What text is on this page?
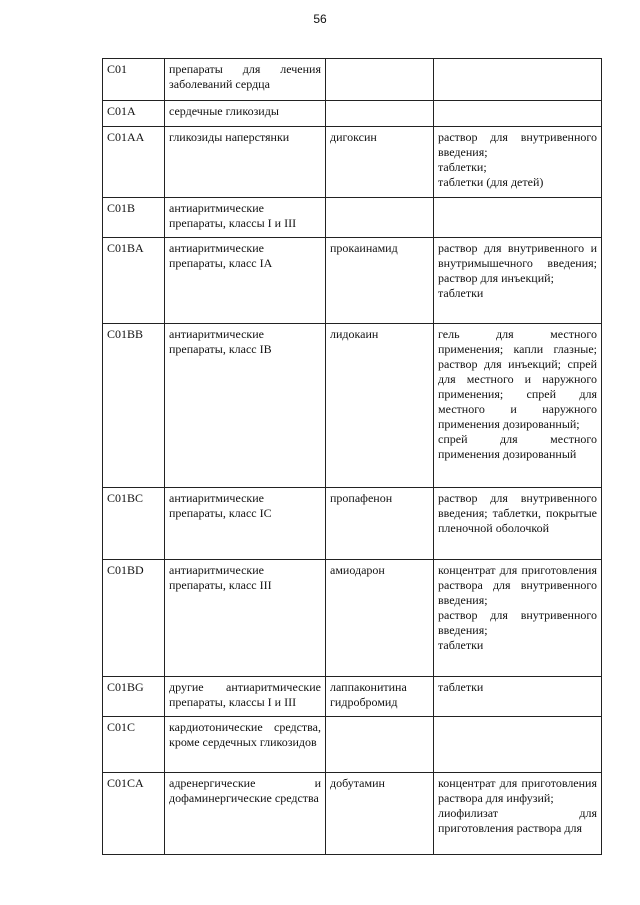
56
C01	препараты для лечения заболеваний сердца		
C01A	сердечные гликозиды		
C01AA	гликозиды наперстянки	дигоксин	раствор для внутривенного введения;
таблетки;
таблетки (для детей)
C01B	антиаритмические препараты, классы I и III		
C01BA	антиаритмические препараты, класс IA	прокаинамид	раствор для внутривенного и внутримышечного введения; раствор для инъекций;
таблетки
C01BB	антиаритмические препараты, класс IB	лидокаин	гель для местного применения; капли глазные; раствор для инъекций; спрей для местного и наружного применения; спрей для местного и наружного применения дозированный;
спрей для местного применения дозированный
C01BC	антиаритмические препараты, класс IC	пропафенон	раствор для внутривенного введения; таблетки, покрытые пленочной оболочкой
C01BD	антиаритмические препараты, класс III	амиодарон	концентрат для приготовления раствора для внутривенного введения;
раствор для внутривенного введения;
таблетки
C01BG	другие антиаритмические препараты, классы I и III	лаппаконитина гидробромид	таблетки
C01C	кардиотонические средства, кроме сердечных гликозидов		
C01CA	адренергические и дофаминергические средства	добутамин	концентрат для приготовления раствора для инфузий;
лиофилизат для приготовления раствора для
